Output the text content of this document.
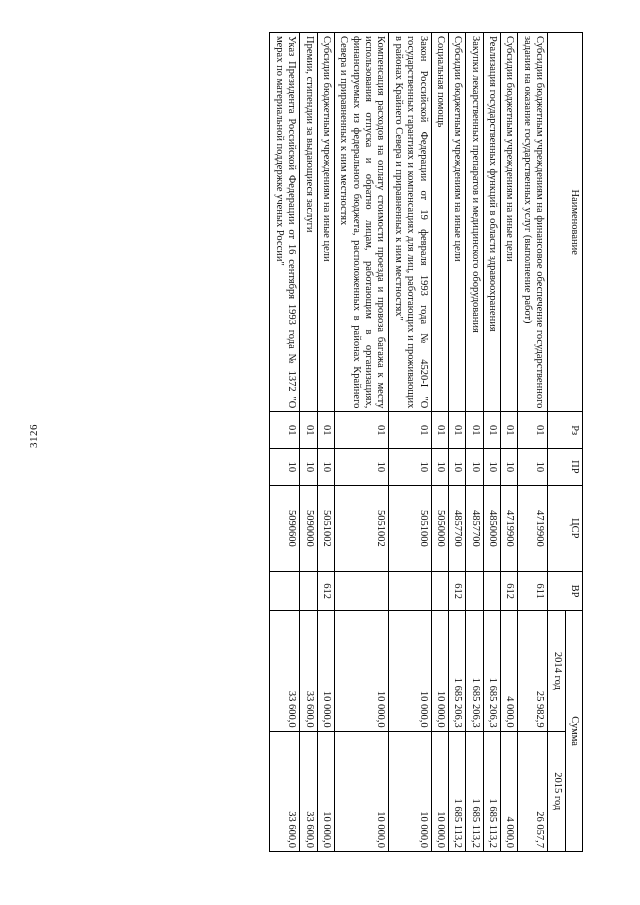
3126
Наименование	Рз	ПР	ЦСР	ВР	Сумма	
					2014 год	2015 год
Субсидии бюджетным учреждениям на финансовое обеспечение государственного задания на оказание государственных услуг (выполнение работ)	01	10	4719900	611	25 982,9	26 057,7
Субсидии бюджетным учреждениям на иные цели	01	10	4719900	612	4 000,0	4 000,0
Реализация государственных функций в области здравоохранения	01	10	4850000		1 685 206,3	1 685 113,2
Закупки лекарственных препаратов и медицинского оборудования	01	10	4857700		1 685 206,3	1 685 113,2
Субсидии бюджетным учреждениям на иные цели	01	10	4857700	612	1 685 206,3	1 685 113,2
Социальная помощь	01	10	5050000		10 000,0	10 000,0
Закон Российской Федерации от 19 февраля 1993 года № 4520-I "О государственных гарантиях и компенсациях для лиц, работающих и проживающих в районах Крайнего Севера и приравненных к ним местностях"	01	10	5051000		10 000,0	10 000,0
Компенсация расходов на оплату стоимости проезда и провоза багажа к месту использования отпуска и обратно лицам, работающим в организациях, финансируемых из федерального бюджета, расположенных в районах Крайнего Севера и приравненных к ним местностях	01	10	5051002		10 000,0	10 000,0
Субсидии бюджетным учреждениям на иные цели	01	10	5051002	612	10 000,0	10 000,0
Премии, стипендии за выдающиеся заслуги	01	10	5090000		33 600,0	33 600,0
Указ Президента Российской Федерации от 16 сентября 1993 года № 1372 "О мерах по материальной поддержке ученых России"	01	10	5090600		33 600,0	33 600,0
